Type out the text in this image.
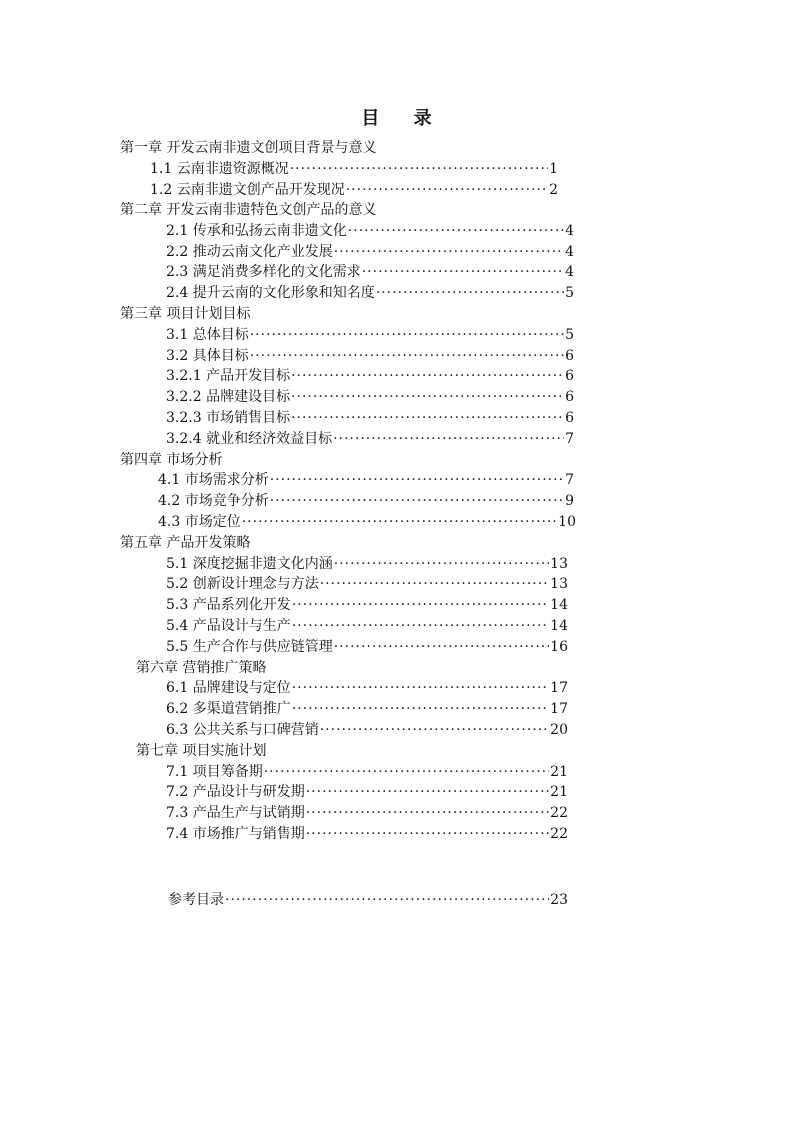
目 录
第一章 开发云南非遗文创项目背景与意义
1.1 云南非遗资源概况 ·····	1
1.2 云南非遗文创产品开发现况 ·····	2
第二章 开发云南非遗特色文创产品的意义
2.1 传承和弘扬云南非遗文化 ·····	4
2.2 推动云南文化产业发展 ·····	4
2.3 满足消费多样化的文化需求 ·····	4
2.4 提升云南的文化形象和知名度 ·····	5
第三章 项目计划目标
3.1 总体目标 ·····	5
3.2 具体目标 ·····	6
3.2.1 产品开发目标 ·····	6
3.2.2 品牌建设目标 ·····	6
3.2.3 市场销售目标 ·····	6
3.2.4 就业和经济效益目标 ·····	7
第四章 市场分析
4.1 市场需求分析 ·····	7
4.2 市场竞争分析 ·····	9
4.3 市场定位 ·····	10
第五章 产品开发策略
5.1 深度挖掘非遗文化内涵 ·····	13
5.2 创新设计理念与方法 ·····	13
5.3 产品系列化开发 ·····	14
5.4 产品设计与生产 ·····	14
5.5 生产合作与供应链管理 ·····	16
第六章 营销推广策略
6.1 品牌建设与定位 ·····	17
6.2 多渠道营销推广 ·····	17
6.3 公共关系与口碑营销 ·····	20
第七章 项目实施计划
7.1 项目筹备期 ·····	21
7.2 产品设计与研发期 ·····	21
7.3 产品生产与试销期 ·····	22
7.4 市场推广与销售期 ·····	22
参考目录 ·····	23
